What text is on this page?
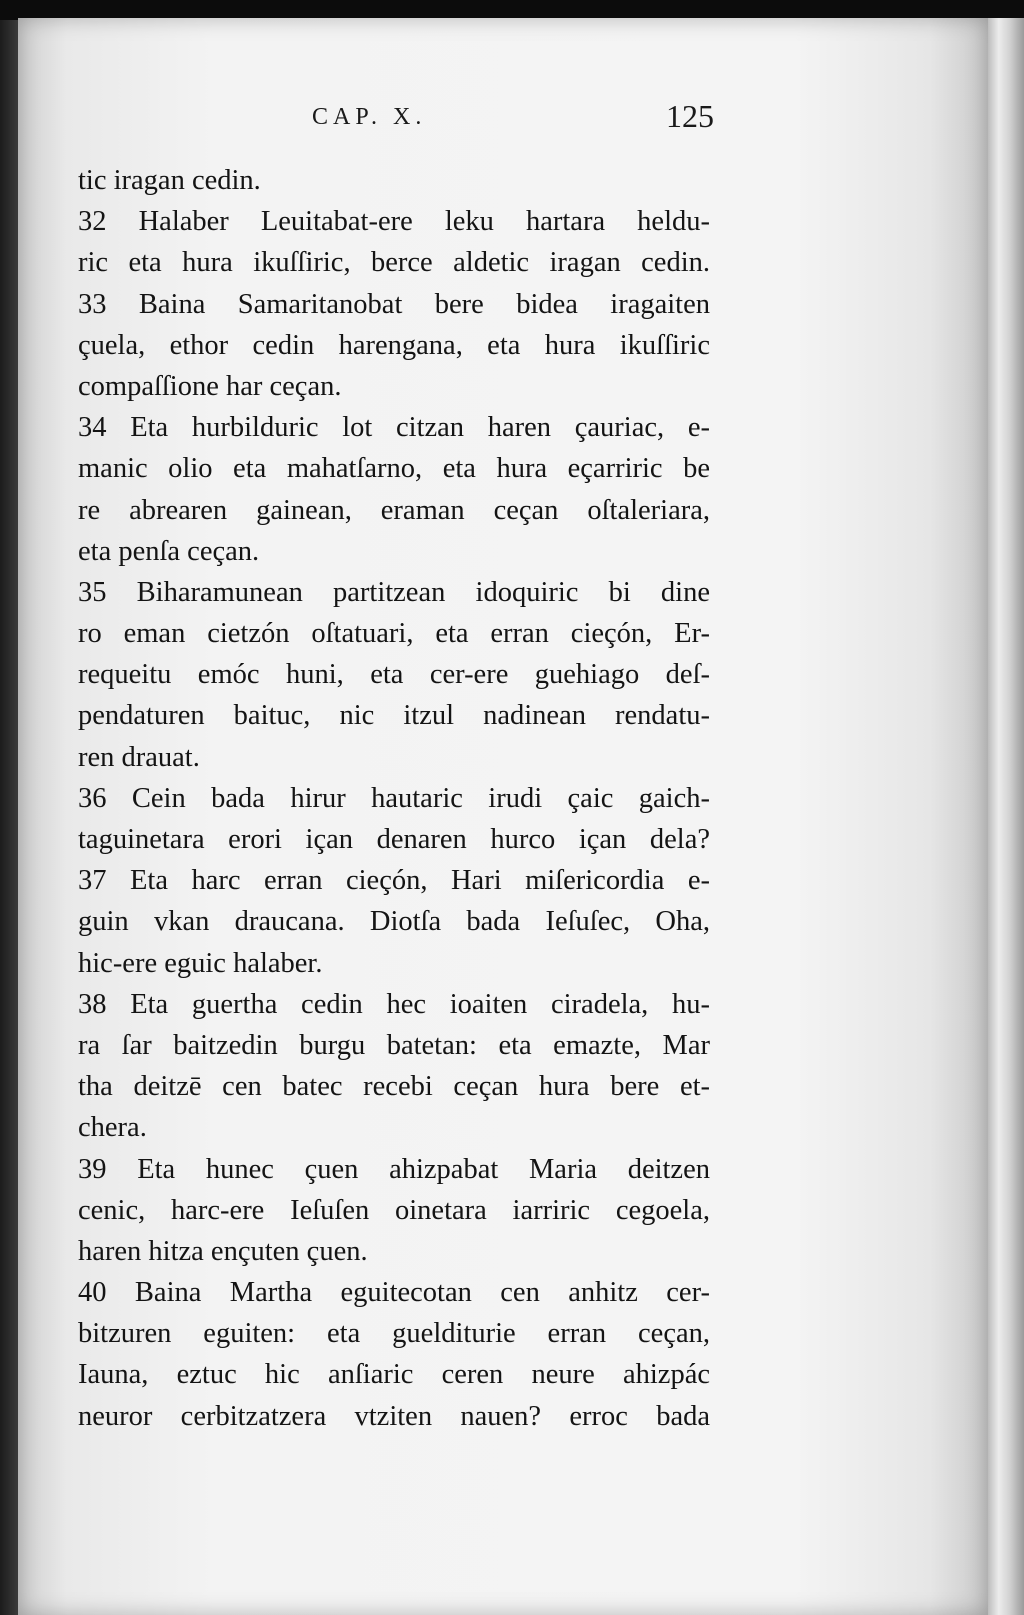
CAP. X.	125
tic iragan cedin.
32 Halaber Leuitabat-ere leku hartara heldu-
ric eta hura ikuſſiric, berce aldetic iragan cedin.
33 Baina Samaritanobat bere bidea iragaiten
çuela, ethor cedin harengana, eta hura ikuſſiric
compaſſione har ceçan.
34 Eta hurbilduric lot citzan haren çauriac, e-
manic olio eta mahatſarno, eta hura eçarriric be
re abrearen gainean, eraman ceçan oſtaleriara,
eta penſa ceçan.
35 Biharamunean partitzean idoquiric bi dine
ro eman cietzón oſtatuari, eta erran cieçón, Er-
requeitu emóc huni, eta cer-ere guehiago deſ-
pendaturen baituc, nic itzul nadinean rendatu-
ren drauat.
36 Cein bada hirur hautaric irudi çaic gaich-
taguinetara erori içan denaren hurco içan dela?
37 Eta harc erran cieçón, Hari miſericordia e-
guin vkan draucana. Diotſa bada Ieſuſec, Oha,
hic-ere eguic halaber.
38 Eta guertha cedin hec ioaiten ciradela, hu-
ra ſar baitzedin burgu batetan: eta emazte, Mar
tha deitzē cen batec recebi ceçan hura bere et-
chera.
39 Eta hunec çuen ahizpabat Maria deitzen
cenic, harc-ere Ieſuſen oinetara iarriric cegoela,
haren hitza ençuten çuen.
40 Baina Martha eguitecotan cen anhitz cer-
bitzuren eguiten: eta guelditurie erran ceçan,
Iauna, eztuc hic anſiaric ceren neure ahizpác
neuror cerbitzatzera vtziten nauen? erroc bada
